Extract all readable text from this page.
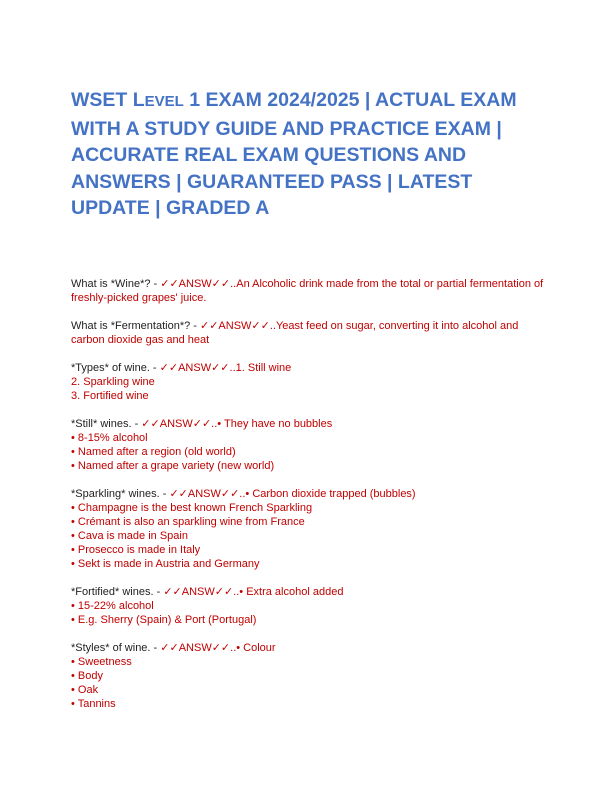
WSET LEVEL 1 EXAM 2024/2025 | ACTUAL EXAM WITH A STUDY GUIDE AND PRACTICE EXAM | ACCURATE REAL EXAM QUESTIONS AND ANSWERS | GUARANTEED PASS | LATEST UPDATE | GRADED A

What is *Wine*? - ✓✓ANSW✓✓..An Alcoholic drink made from the total or partial fermentation of freshly-picked grapes' juice.

What is *Fermentation*? - ✓✓ANSW✓✓..Yeast feed on sugar, converting it into alcohol and carbon dioxide gas and heat

*Types* of wine. - ✓✓ANSW✓✓..1. Still wine
2. Sparkling wine
3. Fortified wine

*Still* wines. - ✓✓ANSW✓✓..• They have no bubbles
• 8-15% alcohol
• Named after a region (old world)
• Named after a grape variety (new world)

*Sparkling* wines. - ✓✓ANSW✓✓..• Carbon dioxide trapped (bubbles)
• Champagne is the best known French Sparkling
• Crémant is also an sparkling wine from France
• Cava is made in Spain
• Prosecco is made in Italy
• Sekt is made in Austria and Germany

*Fortified* wines. - ✓✓ANSW✓✓..• Extra alcohol added
• 15-22% alcohol
• E.g. Sherry (Spain) & Port (Portugal)

*Styles* of wine. - ✓✓ANSW✓✓..• Colour
• Sweetness
• Body
• Oak
• Tannins
